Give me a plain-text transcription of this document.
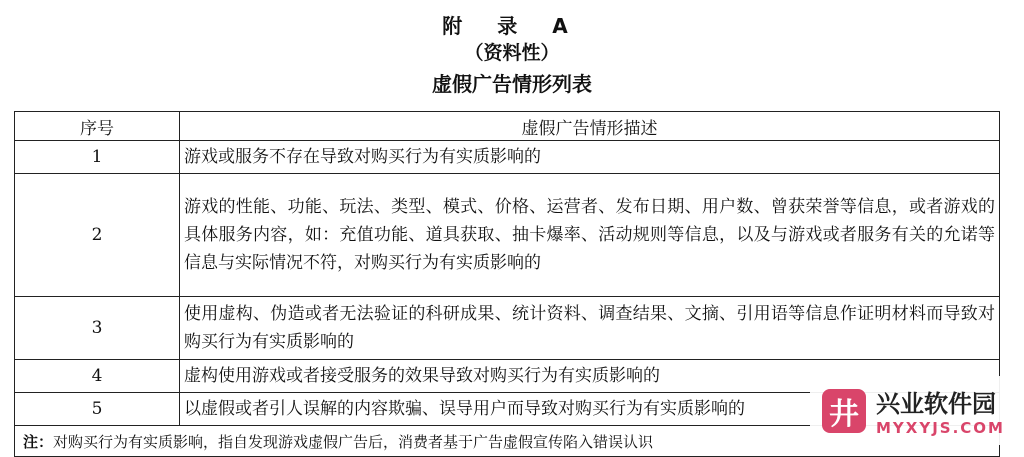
附 录 A
（资料性）
虚假广告情形列表
序号	虚假广告情形描述
1	游戏或服务不存在导致对购买行为有实质影响的
2	游戏的性能、功能、玩法、类型、模式、价格、运营者、发布日期、用户数、曾获荣誉等信息，或者游戏的具体服务内容，如：充值功能、道具获取、抽卡爆率、活动规则等信息，以及与游戏或者服务有关的允诺等信息与实际情况不符，对购买行为有实质影响的
3	使用虚构、伪造或者无法验证的科研成果、统计资料、调查结果、文摘、引用语等信息作证明材料而导致对购买行为有实质影响的
4	虚构使用游戏或者接受服务的效果导致对购买行为有实质影响的
5	以虚假或者引人误解的内容欺骗、误导用户而导致对购买行为有实质影响的
注：对购买行为有实质影响，指自发现游戏虚假广告后，消费者基于广告虚假宣传陷入错误认识	
井 兴业软件园
MYXYJS.COM
